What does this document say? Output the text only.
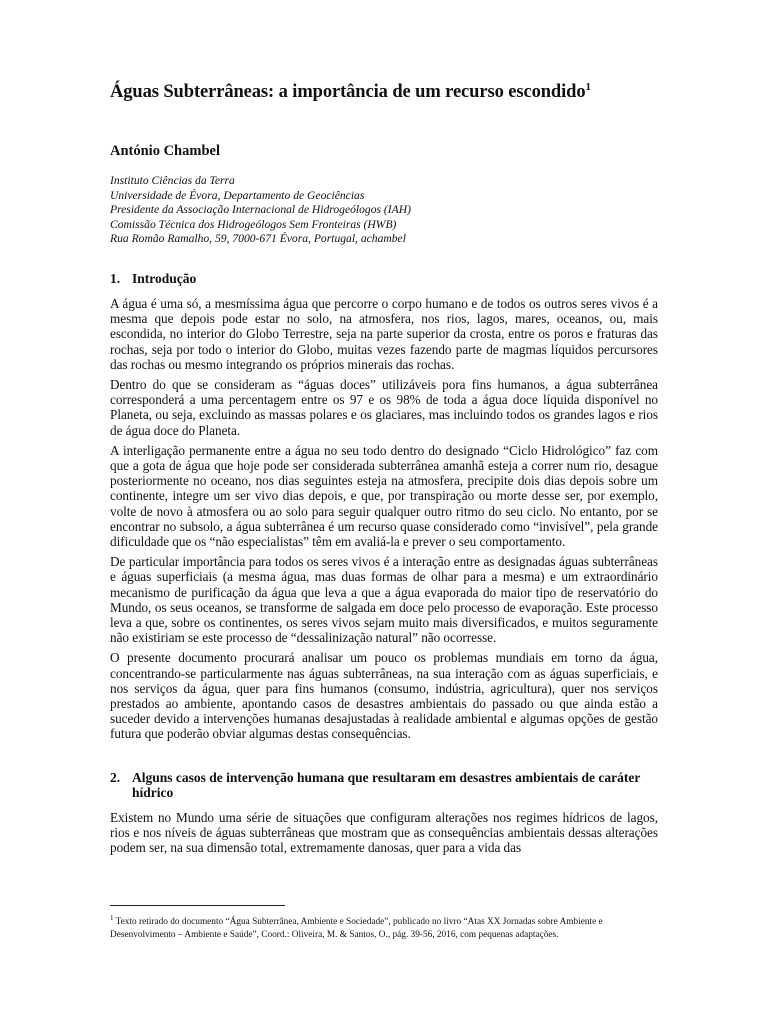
Águas Subterrâneas: a importância de um recurso escondido$^1$
António Chambel
Instituto Ciências da Terra
Universidade de Évora, Departamento de Geociências
Presidente da Associação Internacional de Hidrogeólogos (IAH)
Comissão Técnica dos Hidrogeólogos Sem Fronteiras (HWB)
Rua Romão Ramalho, 59, 7000-671 Évora, Portugal, achambel
1. Introdução

A água é uma só, a mesmíssima água que percorre o corpo humano e de todos os outros seres vivos é a mesma que depois pode estar no solo, na atmosfera, nos rios, lagos, mares, oceanos, ou, mais escondida, no interior do Globo Terrestre, seja na parte superior da crosta, entre os poros e fraturas das rochas, seja por todo o interior do Globo, muitas vezes fazendo parte de magmas líquidos percursores das rochas ou mesmo integrando os próprios minerais das rochas.

Dentro do que se consideram as “águas doces” utilizáveis pora fins humanos, a água subterrânea corresponderá a uma percentagem entre os 97 e os 98% de toda a água doce líquida disponível no Planeta, ou seja, excluindo as massas polares e os glaciares, mas incluindo todos os grandes lagos e rios de água doce do Planeta.

A interligação permanente entre a água no seu todo dentro do designado “Ciclo Hidrológico” faz com que a gota de água que hoje pode ser considerada subterrânea amanhã esteja a correr num rio, desague posteriormente no oceano, nos dias seguintes esteja na atmosfera, precipite dois dias depois sobre um continente, integre um ser vivo dias depois, e que, por transpiração ou morte desse ser, por exemplo, volte de novo à atmosfera ou ao solo para seguir qualquer outro ritmo do seu ciclo. No entanto, por se encontrar no subsolo, a água subterrânea é um recurso quase considerado como “invisível”, pela grande dificuldade que os “não especialistas” têm em avaliá-la e prever o seu comportamento.

De particular importância para todos os seres vivos é a interação entre as designadas águas subterrâneas e águas superficiais (a mesma água, mas duas formas de olhar para a mesma) e um extraordinário mecanismo de purificação da água que leva a que a água evaporada do maior tipo de reservatório do Mundo, os seus oceanos, se transforme de salgada em doce pelo processo de evaporação. Este processo leva a que, sobre os continentes, os seres vivos sejam muito mais diversificados, e muitos seguramente não existiriam se este processo de “dessalinização natural” não ocorresse.

O presente documento procurará analisar um pouco os problemas mundiais em torno da água, concentrando-se particularmente nas águas subterrâneas, na sua interação com as águas superficiais, e nos serviços da água, quer para fins humanos (consumo, indústria, agricultura), quer nos serviços prestados ao ambiente, apontando casos de desastres ambientais do passado ou que ainda estão a suceder devido a intervenções humanas desajustadas à realidade ambiental e algumas opções de gestão futura que poderão obviar algumas destas consequências.

2. Alguns casos de intervenção humana que resultaram em desastres ambientais de caráter hídrico

Existem no Mundo uma série de situações que configuram alterações nos regimes hídricos de lagos, rios e nos níveis de águas subterrâneas que mostram que as consequências ambientais dessas alterações podem ser, na sua dimensão total, extremamente danosas, quer para a vida das

$^1$ Texto retirado do documento “Água Subterrânea, Ambiente e Sociedade”, publicado no livro “Atas XX Jornadas sobre Ambiente e Desenvolvimento – Ambiente e Saúde”, Coord.: Oliveira, M. & Santos, O., pág. 39-56, 2016, com pequenas adaptações.
